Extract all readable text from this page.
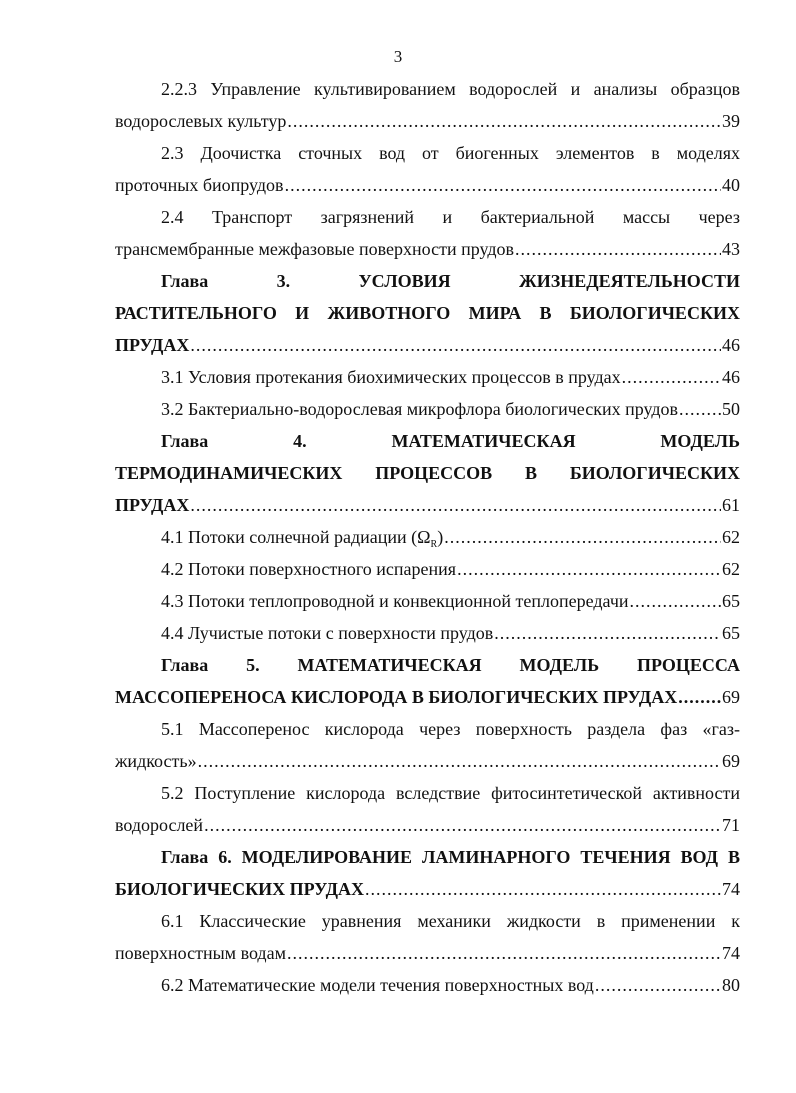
3
2.2.3 Управление культивированием водорослей и анализы образцов
водорослевых культур .....	39
2.3 Доочистка сточных вод от биогенных элементов в моделях
проточных биопрудов .....	40
2.4 Транспорт загрязнений и бактериальной массы через
трансмембранные межфазовые поверхности прудов .....	43
Глава 3. УСЛОВИЯ ЖИЗНЕДЕЯТЕЛЬНОСТИ
РАСТИТЕЛЬНОГО И ЖИВОТНОГО МИРА В БИОЛОГИЧЕСКИХ
ПРУДАХ .....	46
3.1 Условия протекания биохимических процессов в прудах .....	46
3.2 Бактериально-водорослевая микрофлора биологических прудов ..... 50
Глава 4. МАТЕМАТИЧЕСКАЯ МОДЕЛЬ
ТЕРМОДИНАМИЧЕСКИХ ПРОЦЕССОВ В БИОЛОГИЧЕСКИХ
ПРУДАХ .....	61
4.1 Потоки солнечной радиации $(\Omega_R)$ .....	62
4.2 Потоки поверхностного испарения .....	62
4.3 Потоки теплопроводной и конвекционной теплопередачи .....	65
4.4 Лучистые потоки с поверхности прудов .....	65
Глава 5. МАТЕМАТИЧЕСКАЯ МОДЕЛЬ ПРОЦЕССА
МАССОПЕРЕНОСА КИСЛОРОДА В БИОЛОГИЧЕСКИХ ПРУДАХ ..... 69
5.1 Массоперенос кислорода через поверхность раздела фаз «газ-
жидкость» .....	69
5.2 Поступление кислорода вследствие фитосинтетической активности
водорослей .....	71
Глава 6. МОДЕЛИРОВАНИЕ ЛАМИНАРНОГО ТЕЧЕНИЯ ВОД В
БИОЛОГИЧЕСКИХ ПРУДАХ .....	74
6.1 Классические уравнения механики жидкости в применении к
поверхностным водам .....	74
6.2 Математические модели течения поверхностных вод .....	80
